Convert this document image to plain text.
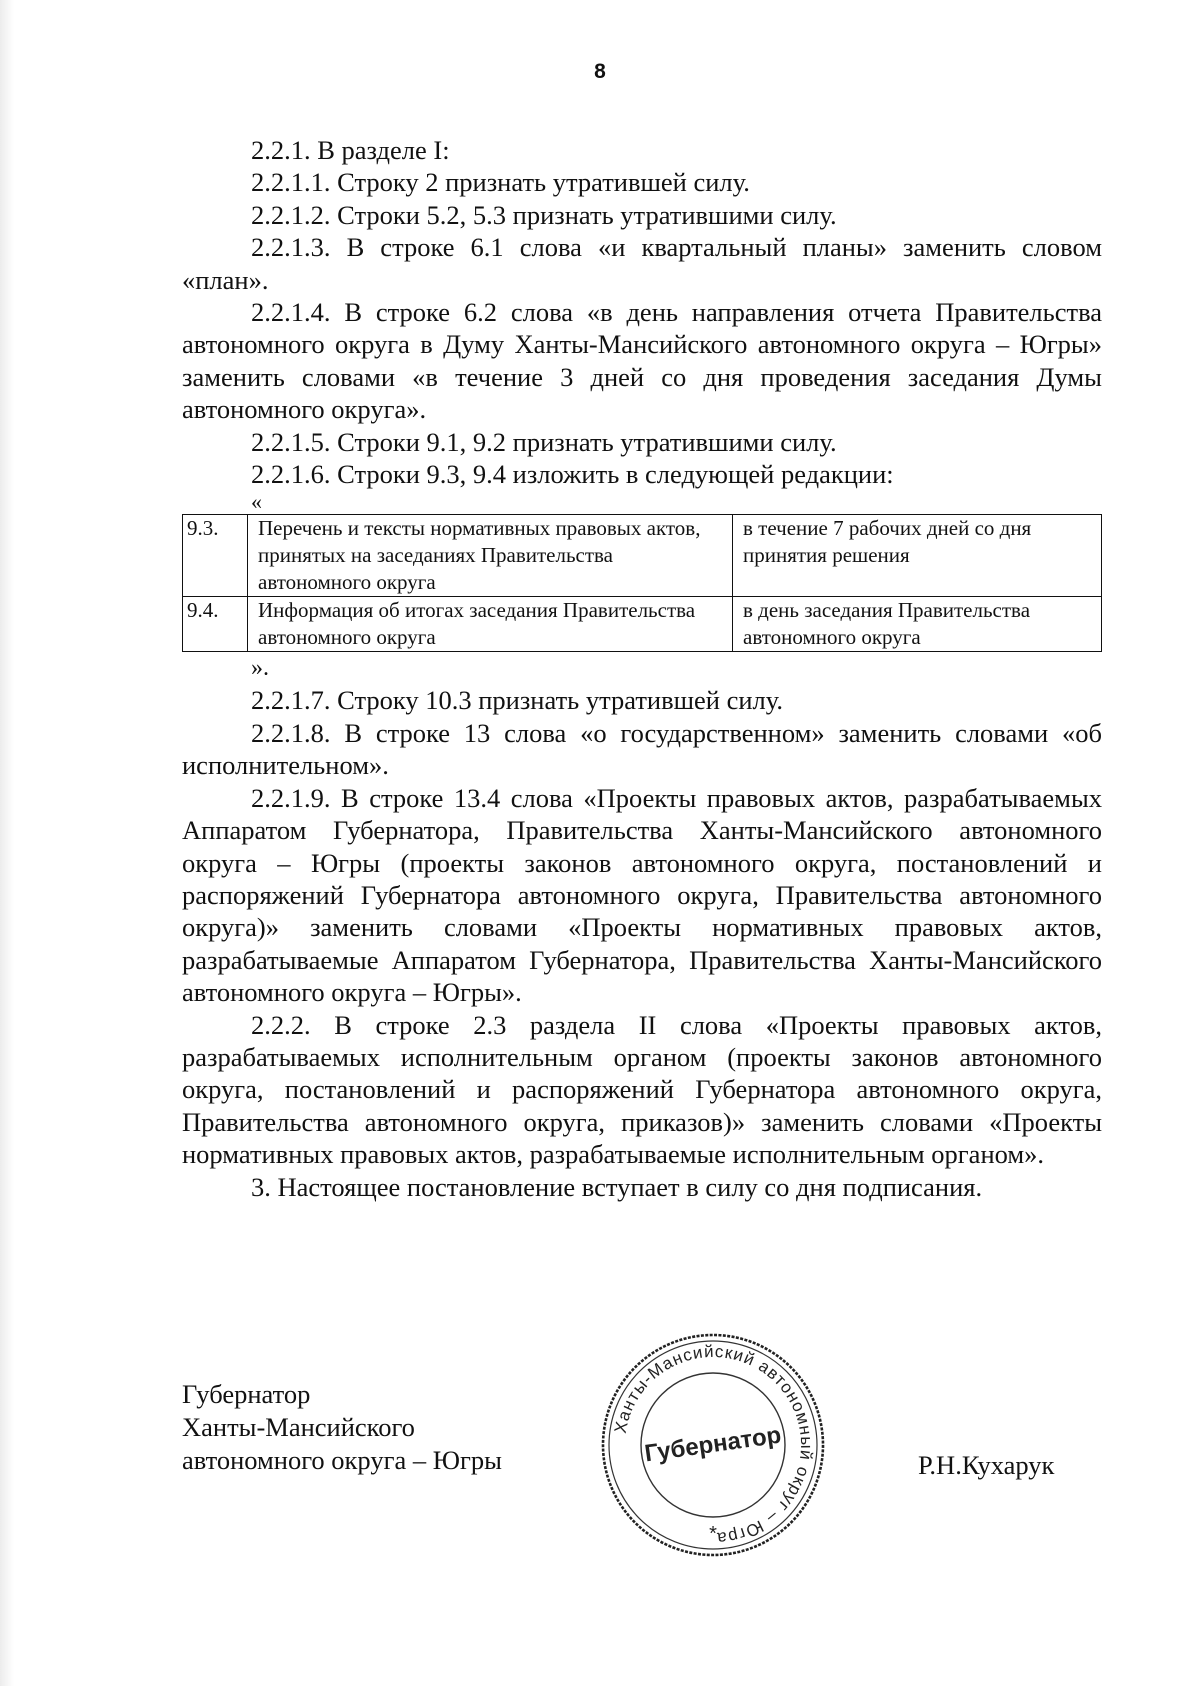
8

2.2.1. В разделе I:

2.2.1.1. Строку 2 признать утратившей силу.

2.2.1.2. Строки 5.2, 5.3 признать утратившими силу.

2.2.1.3. В строке 6.1 слова «и квартальный планы» заменить словом «план».

2.2.1.4. В строке 6.2 слова «в день направления отчета Правительства автономного округа в Думу Ханты-Мансийского автономного округа – Югры» заменить словами «в течение 3 дней со дня проведения заседания Думы автономного округа».

2.2.1.5. Строки 9.1, 9.2 признать утратившими силу.

2.2.1.6. Строки 9.3, 9.4 изложить в следующей редакции:

«

9.3.	Перечень и тексты нормативных правовых актов, принятых на заседаниях Правительства автономного округа	в течение 7 рабочих дней со дня принятия решения
9.4.	Информация об итогах заседания Правительства автономного округа	в день заседания Правительства автономного округа

».

2.2.1.7. Строку 10.3 признать утратившей силу.

2.2.1.8. В строке 13 слова «о государственном» заменить словами «об исполнительном».

2.2.1.9. В строке 13.4 слова «Проекты правовых актов, разрабатываемых Аппаратом Губернатора, Правительства Ханты-Мансийского автономного округа – Югры (проекты законов автономного округа, постановлений и распоряжений Губернатора автономного округа, Правительства автономного округа)» заменить словами «Проекты нормативных правовых актов, разрабатываемые Аппаратом Губернатора, Правительства Ханты-Мансийского автономного округа – Югры».

2.2.2. В строке 2.3 раздела II слова «Проекты правовых актов, разрабатываемых исполнительным органом (проекты законов автономного округа, постановлений и распоряжений Губернатора автономного округа, Правительства автономного округа, приказов)» заменить словами «Проекты нормативных правовых актов, разрабатываемые исполнительным органом».

3. Настоящее постановление вступает в силу со дня подписания.

Губернатор
Ханты-Мансийского
автономного округа – Югры
Ханты-Мансийский автономный округ – Югра
Губернатор
*
Р.Н.Кухарук
